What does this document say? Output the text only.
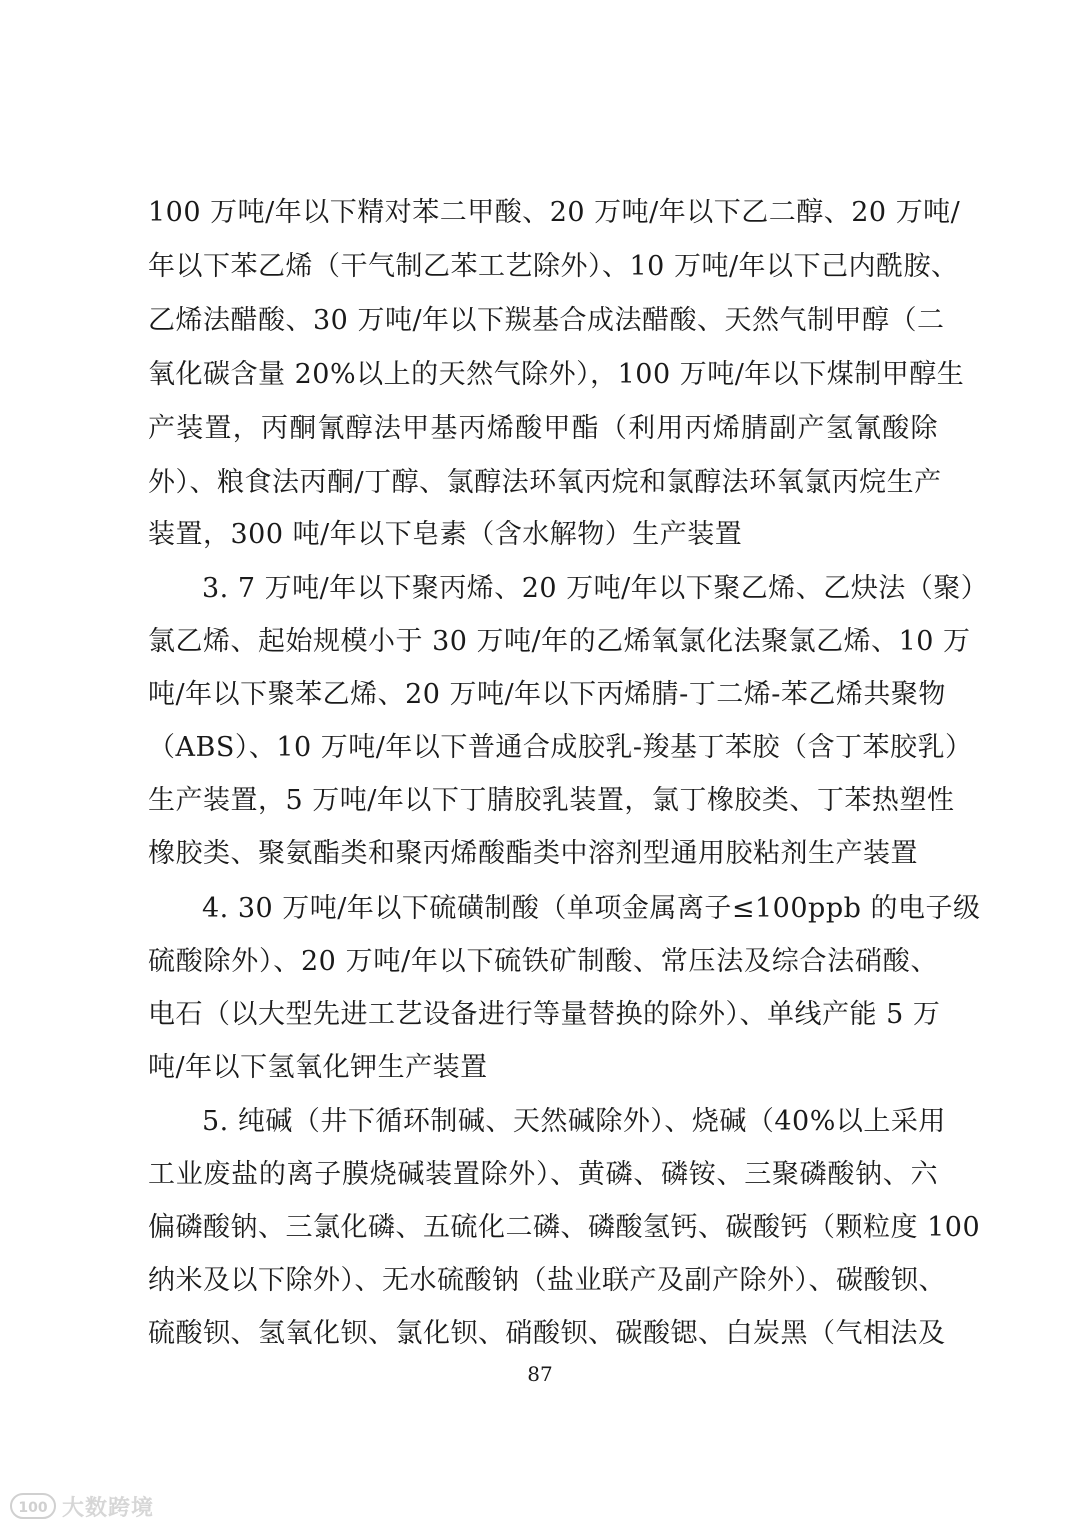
100 万吨/年以下精对苯二甲酸、20 万吨/年以下乙二醇、20 万吨/
年以下苯乙烯（干气制乙苯工艺除外）、10 万吨/年以下己内酰胺、
乙烯法醋酸、30 万吨/年以下羰基合成法醋酸、天然气制甲醇（二
氧化碳含量 20%以上的天然气除外），100 万吨/年以下煤制甲醇生
产装置，丙酮氰醇法甲基丙烯酸甲酯（利用丙烯腈副产氢氰酸除
外）、粮食法丙酮/丁醇、氯醇法环氧丙烷和氯醇法环氧氯丙烷生产
装置，300 吨/年以下皂素（含水解物）生产装置
3. 7 万吨/年以下聚丙烯、20 万吨/年以下聚乙烯、乙炔法（聚）
氯乙烯、起始规模小于 30 万吨/年的乙烯氧氯化法聚氯乙烯、10 万
吨/年以下聚苯乙烯、20 万吨/年以下丙烯腈-丁二烯-苯乙烯共聚物
（ABS）、10 万吨/年以下普通合成胶乳-羧基丁苯胶（含丁苯胶乳）
生产装置，5 万吨/年以下丁腈胶乳装置，氯丁橡胶类、丁苯热塑性
橡胶类、聚氨酯类和聚丙烯酸酯类中溶剂型通用胶粘剂生产装置
4. 30 万吨/年以下硫磺制酸（单项金属离子≤100ppb 的电子级
硫酸除外）、20 万吨/年以下硫铁矿制酸、常压法及综合法硝酸、
电石（以大型先进工艺设备进行等量替换的除外）、单线产能 5 万
吨/年以下氢氧化钾生产装置
5. 纯碱（井下循环制碱、天然碱除外）、烧碱（40%以上采用
工业废盐的离子膜烧碱装置除外）、黄磷、磷铵、三聚磷酸钠、六
偏磷酸钠、三氯化磷、五硫化二磷、磷酸氢钙、碳酸钙（颗粒度 100
纳米及以下除外）、无水硫酸钠（盐业联产及副产除外）、碳酸钡、
硫酸钡、氢氧化钡、氯化钡、硝酸钡、碳酸锶、白炭黑（气相法及
87
100 大数跨境
